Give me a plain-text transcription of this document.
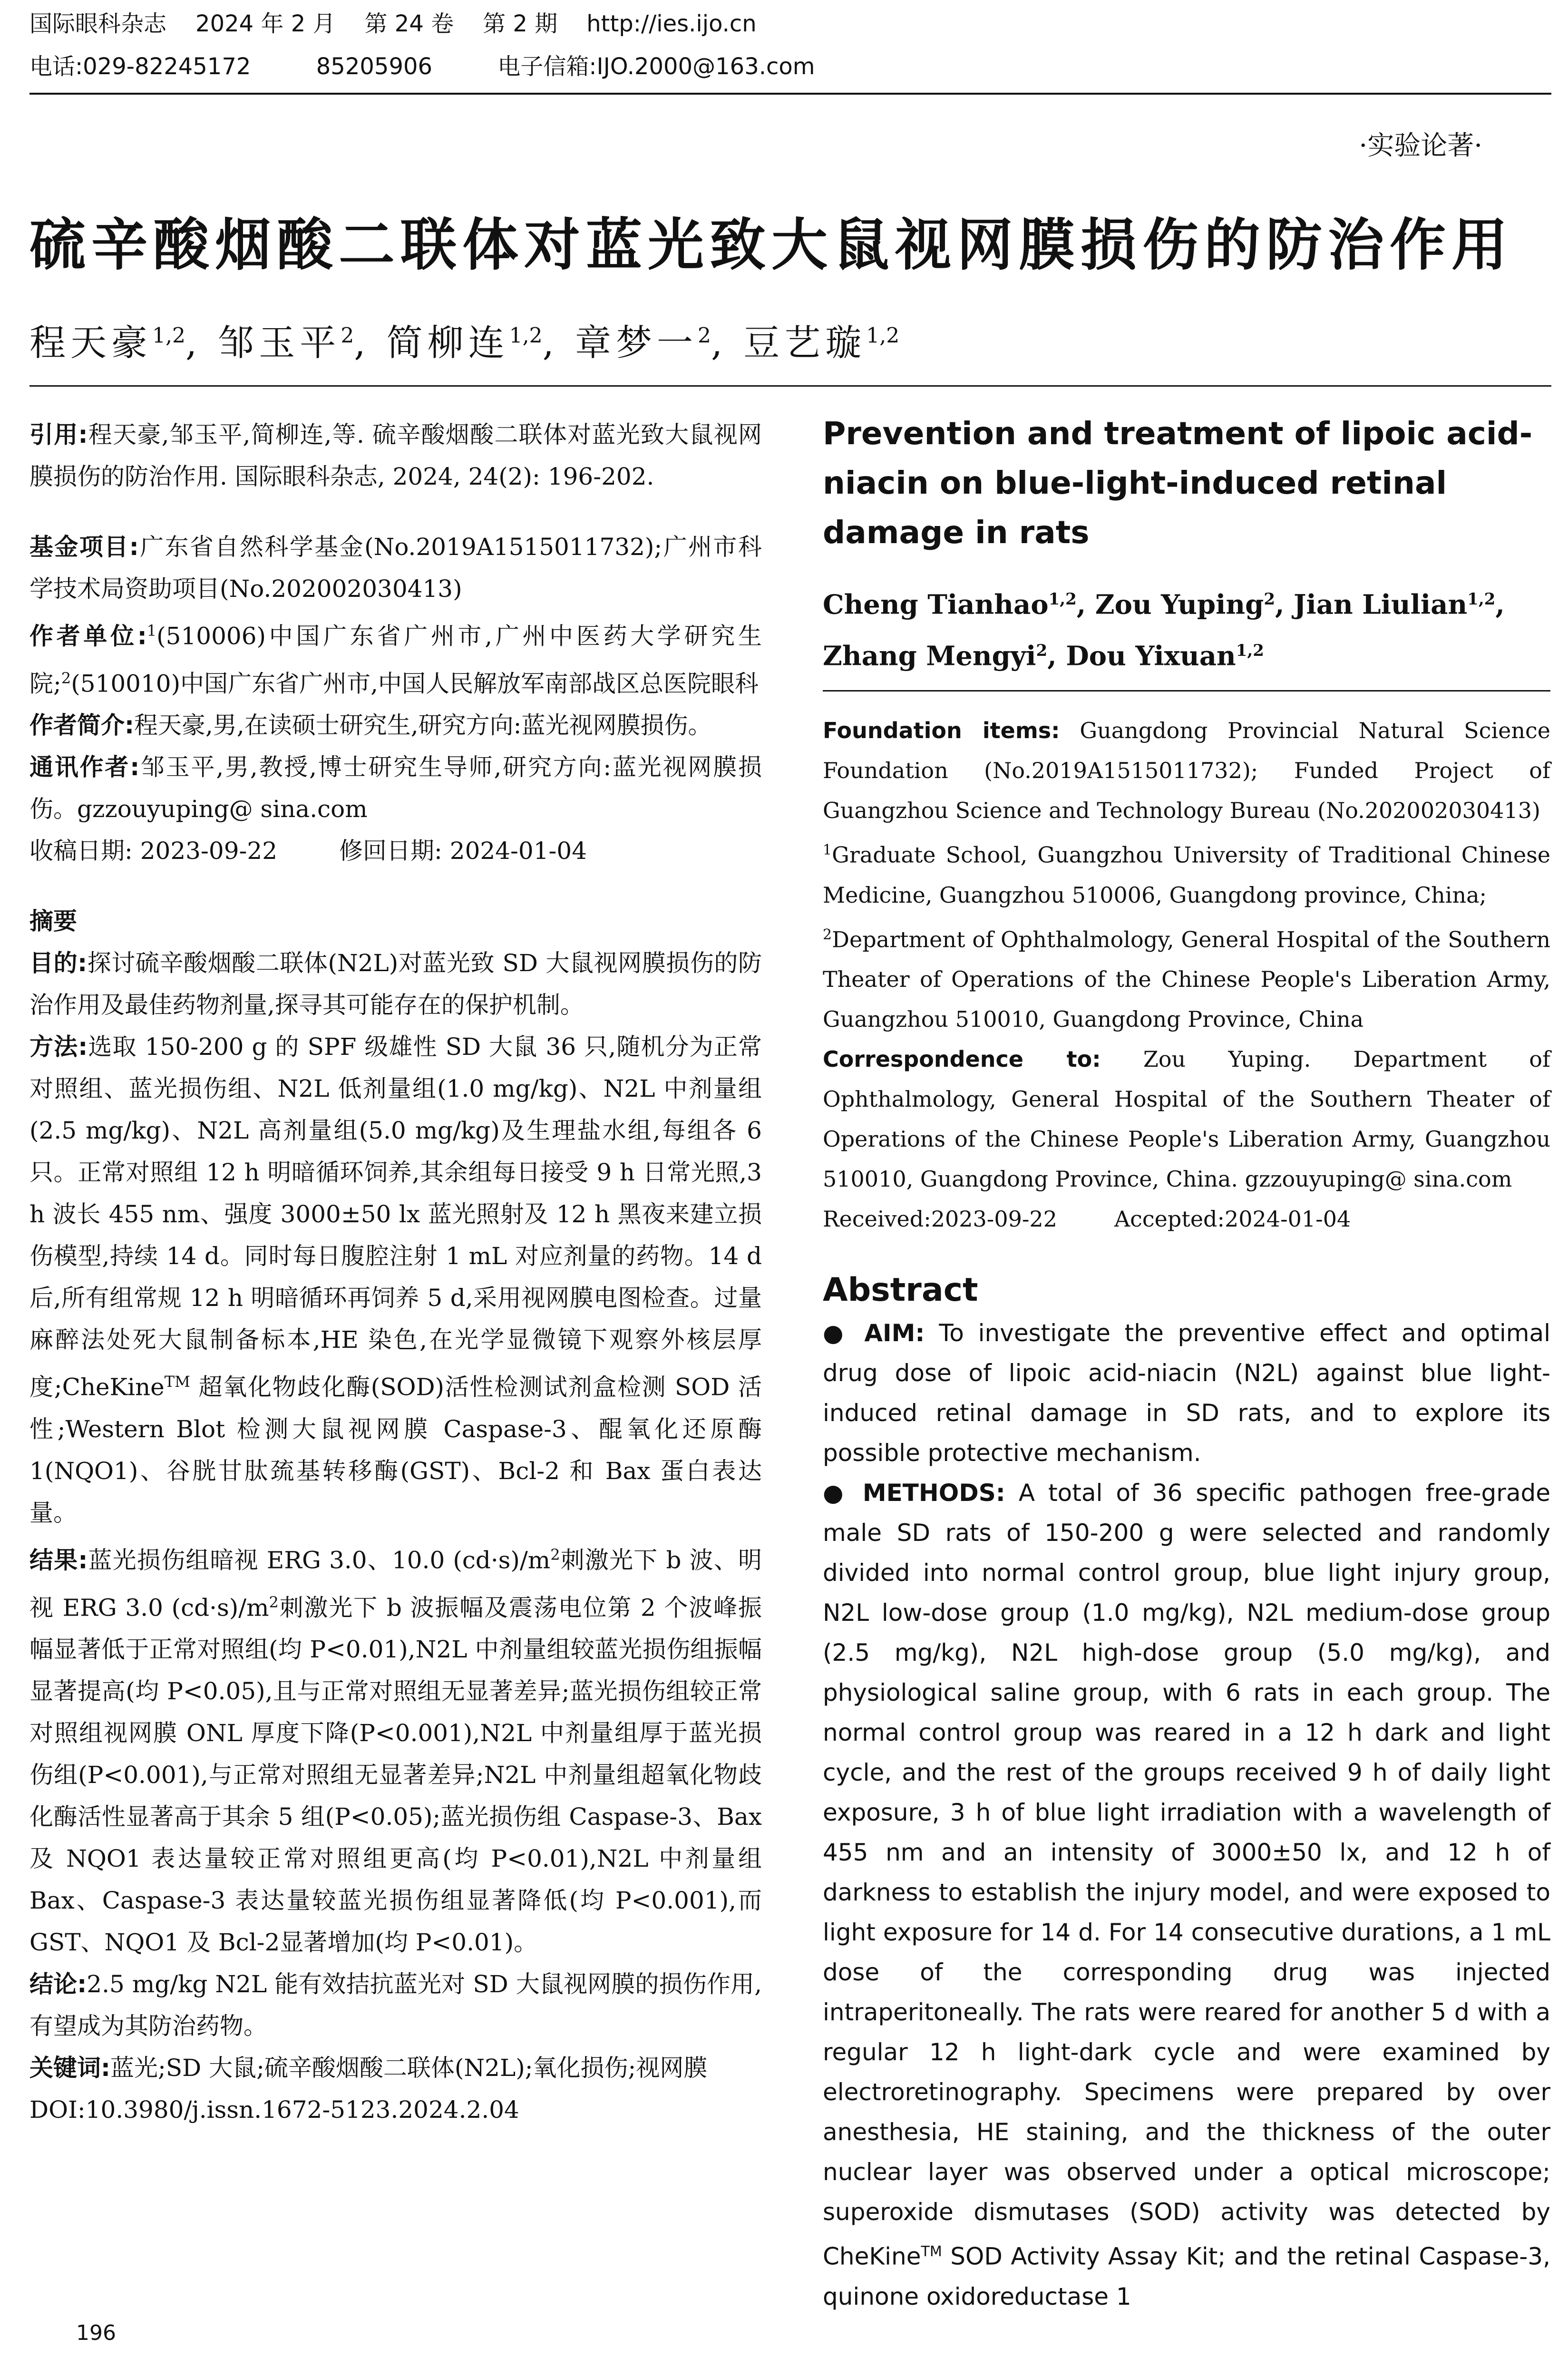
国际眼科杂志    2024 年 2 月    第 24 卷    第 2 期    http://ies.ijo.cn
电话:029-82245172         85205906         电子信箱:IJO.2000@163.com
·实验论著·
硫辛酸烟酸二联体对蓝光致大鼠视网膜损伤的防治作用
程天豪$^{1,2}$, 邹玉平$^2$, 简柳连$^{1,2}$, 章梦一$^2$, 豆艺璇$^{1,2}$

引用:程天豪,邹玉平,简柳连,等. 硫辛酸烟酸二联体对蓝光致大鼠视网膜损伤的防治作用. 国际眼科杂志, 2024, 24(2): 196-202.

基金项目:广东省自然科学基金(No.2019A1515011732);广州市科学技术局资助项目(No.202002030413)

作者单位:$^1$(510006)中国广东省广州市,广州中医药大学研究生院;$^2$(510010)中国广东省广州市,中国人民解放军南部战区总医院眼科

作者简介:程天豪,男,在读硕士研究生,研究方向:蓝光视网膜损伤。

通讯作者:邹玉平,男,教授,博士研究生导师,研究方向:蓝光视网膜损伤。gzzouyuping@ sina.com

收稿日期: 2023-09-22	修回日期: 2024-01-04

摘要

目的:探讨硫辛酸烟酸二联体(N2L)对蓝光致 SD 大鼠视网膜损伤的防治作用及最佳药物剂量,探寻其可能存在的保护机制。

方法:选取 150-200 g 的 SPF 级雄性 SD 大鼠 36 只,随机分为正常对照组、蓝光损伤组、N2L 低剂量组(1.0 mg/kg)、N2L 中剂量组(2.5 mg/kg)、N2L 高剂量组(5.0 mg/kg)及生理盐水组,每组各 6 只。正常对照组 12 h 明暗循环饲养,其余组每日接受 9 h 日常光照,3 h 波长 455 nm、强度 3000±50 lx 蓝光照射及 12 h 黑夜来建立损伤模型,持续 14 d。同时每日腹腔注射 1 mL 对应剂量的药物。14 d后,所有组常规 12 h 明暗循环再饲养 5 d,采用视网膜电图检查。过量麻醉法处死大鼠制备标本,HE 染色,在光学显微镜下观察外核层厚度;CheKine™ 超氧化物歧化酶(SOD)活性检测试剂盒检测 SOD 活性;Western Blot 检测大鼠视网膜 Caspase-3、醌氧化还原酶 1(NQO1)、谷胱甘肽巯基转移酶(GST)、Bcl-2 和 Bax 蛋白表达量。

结果:蓝光损伤组暗视 ERG 3.0、10.0 $(cd\cdot s)/m^2$刺激光下 b 波、明视 ERG 3.0 $(cd\cdot s)/m^2$刺激光下 b 波振幅及震荡电位第 2 个波峰振幅显著低于正常对照组(均 P<0.01),N2L 中剂量组较蓝光损伤组振幅显著提高(均 P<0.05),且与正常对照组无显著差异;蓝光损伤组较正常对照组视网膜 ONL 厚度下降(P<0.001),N2L 中剂量组厚于蓝光损伤组(P<0.001),与正常对照组无显著差异;N2L 中剂量组超氧化物歧化酶活性显著高于其余 5 组(P<0.05);蓝光损伤组 Caspase-3、Bax 及 NQO1 表达量较正常对照组更高(均 P<0.01),N2L 中剂量组 Bax、Caspase-3 表达量较蓝光损伤组显著降低(均 P<0.001),而 GST、NQO1 及 Bcl-2显著增加(均 P<0.01)。

结论:2.5 mg/kg N2L 能有效拮抗蓝光对 SD 大鼠视网膜的损伤作用,有望成为其防治药物。

关键词:蓝光;SD 大鼠;硫辛酸烟酸二联体(N2L);氧化损伤;视网膜

DOI:10.3980/j.issn.1672-5123.2024.2.04

Prevention and treatment of lipoic acid-niacin on blue-light-induced retinal damage in rats

Cheng Tianhao$^{1,2}$, Zou Yuping$^2$, Jian Liulian$^{1,2}$, Zhang Mengyi$^2$, Dou Yixuan$^{1,2}$

Foundation items: Guangdong Provincial Natural Science Foundation (No.2019A1515011732); Funded Project of Guangzhou Science and Technology Bureau (No.202002030413)

$^1$Graduate School, Guangzhou University of Traditional Chinese Medicine, Guangzhou 510006, Guangdong province, China;

$^2$Department of Ophthalmology, General Hospital of the Southern Theater of Operations of the Chinese People's Liberation Army, Guangzhou 510010, Guangdong Province, China

Correspondence to: Zou Yuping. Department of Ophthalmology, General Hospital of the Southern Theater of Operations of the Chinese People's Liberation Army, Guangzhou 510010, Guangdong Province, China. gzzouyuping@ sina.com

Received:2023-09-22	Accepted:2024-01-04

Abstract

● AIM: To investigate the preventive effect and optimal drug dose of lipoic acid-niacin (N2L) against blue light-induced retinal damage in SD rats, and to explore its possible protective mechanism.

● METHODS: A total of 36 specific pathogen free-grade male SD rats of 150-200 g were selected and randomly divided into normal control group, blue light injury group, N2L low-dose group (1.0 mg/kg), N2L medium-dose group (2.5 mg/kg), N2L high-dose group (5.0 mg/kg), and physiological saline group, with 6 rats in each group. The normal control group was reared in a 12 h dark and light cycle, and the rest of the groups received 9 h of daily light exposure, 3 h of blue light irradiation with a wavelength of 455 nm and an intensity of 3000±50 lx, and 12 h of darkness to establish the injury model, and were exposed to light exposure for 14 d. For 14 consecutive durations, a 1 mL dose of the corresponding drug was injected intraperitoneally. The rats were reared for another 5 d with a regular 12 h light-dark cycle and were examined by electroretinography. Specimens were prepared by over anesthesia, HE staining, and the thickness of the outer nuclear layer was observed under a optical microscope; superoxide dismutases (SOD) activity was detected by CheKine™ SOD Activity Assay Kit; and the retinal Caspase-3, quinone oxidoreductase 1

196
